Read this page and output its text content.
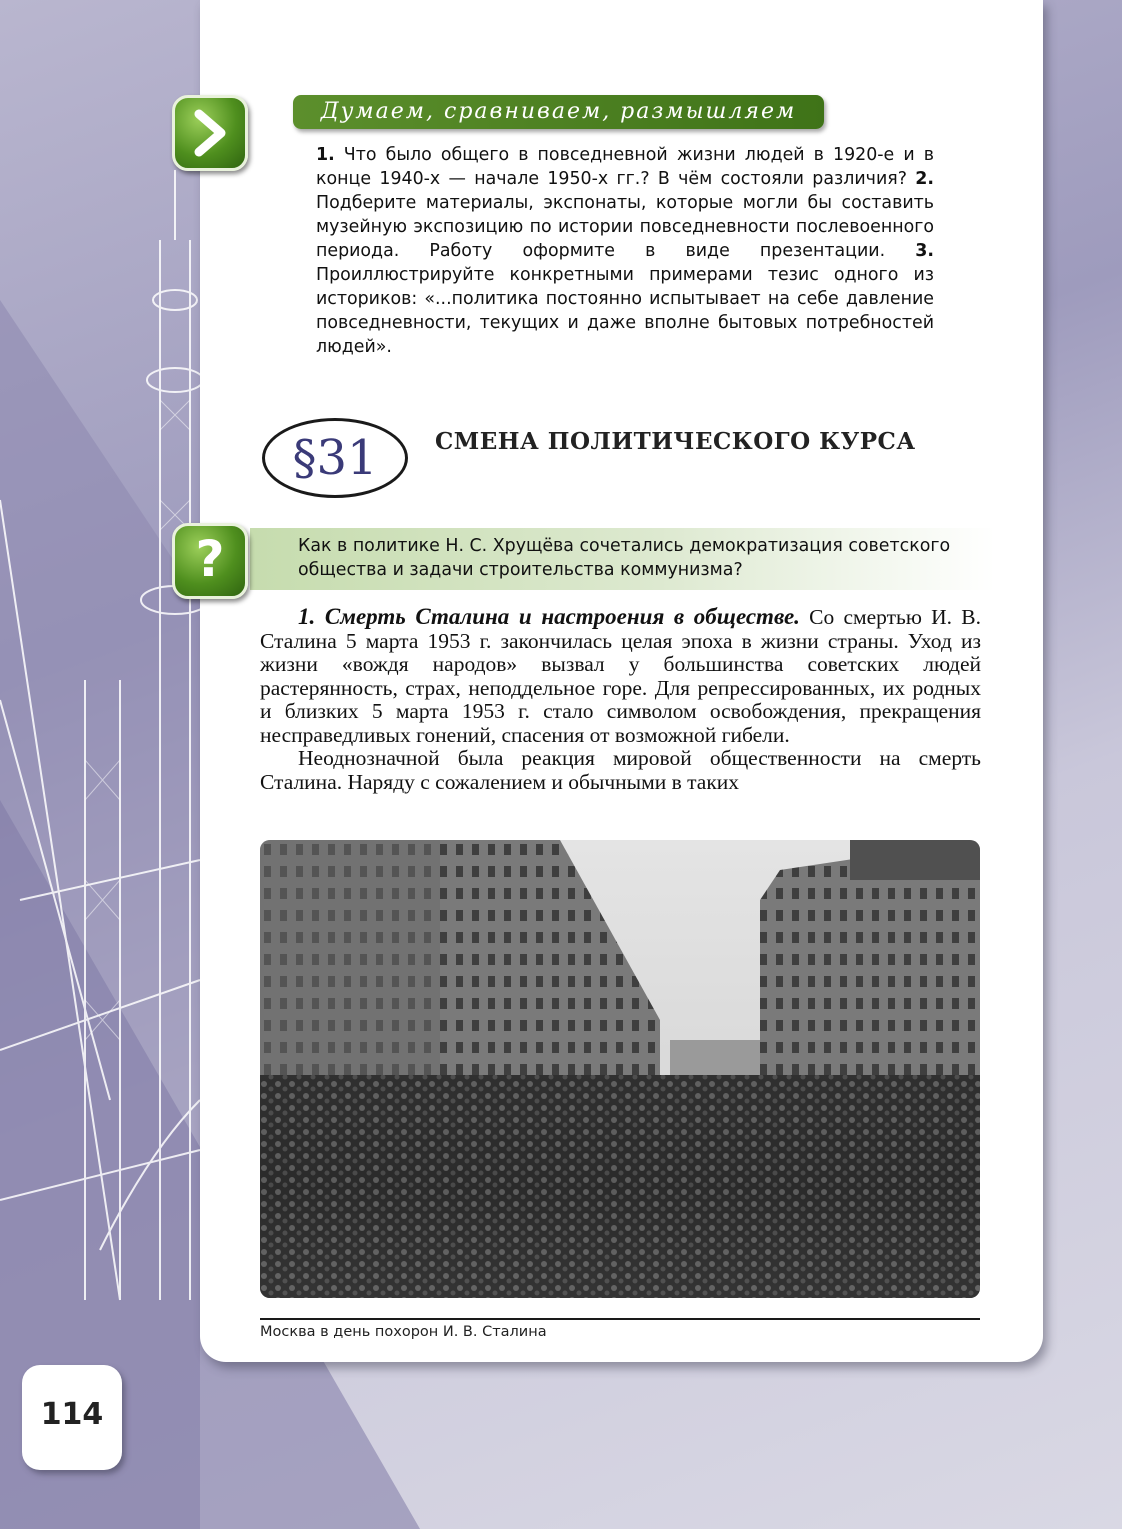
Думаем, сравниваем, размышляем
1. Что было общего в повседневной жизни людей в 1920-е и в конце 1940-х — начале 1950-х гг.? В чём состояли различия? 2. Подберите материалы, экспонаты, которые могли бы составить музейную экспозицию по истории повседневности послевоенного периода. Работу оформите в виде презентации. 3. Проиллюстрируйте конкретными примерами тезис одного из историков: «...политика постоянно испытывает на себе давление повседневности, текущих и даже вполне бытовых потребностей людей».
§31	СМЕНА ПОЛИТИЧЕСКОГО КУРСА
?	Как в политике Н. С. Хрущёва сочетались демократизация советского общества и задачи строительства коммунизма?

1. Смерть Сталина и настроения в обществе. Со смертью И. В. Сталина 5 марта 1953 г. закончилась целая эпоха в жизни страны. Уход из жизни «вождя народов» вызвал у большинства советских людей растерянность, страх, неподдельное горе. Для репрессированных, их родных и близких 5 марта 1953 г. стало символом освобождения, прекращения несправедливых гонений, спасения от возможной гибели.

Неоднозначной была реакция мировой общественности на смерть Сталина. Наряду с сожалением и обычными в таких

Москва в день похорон И. В. Сталина
114
